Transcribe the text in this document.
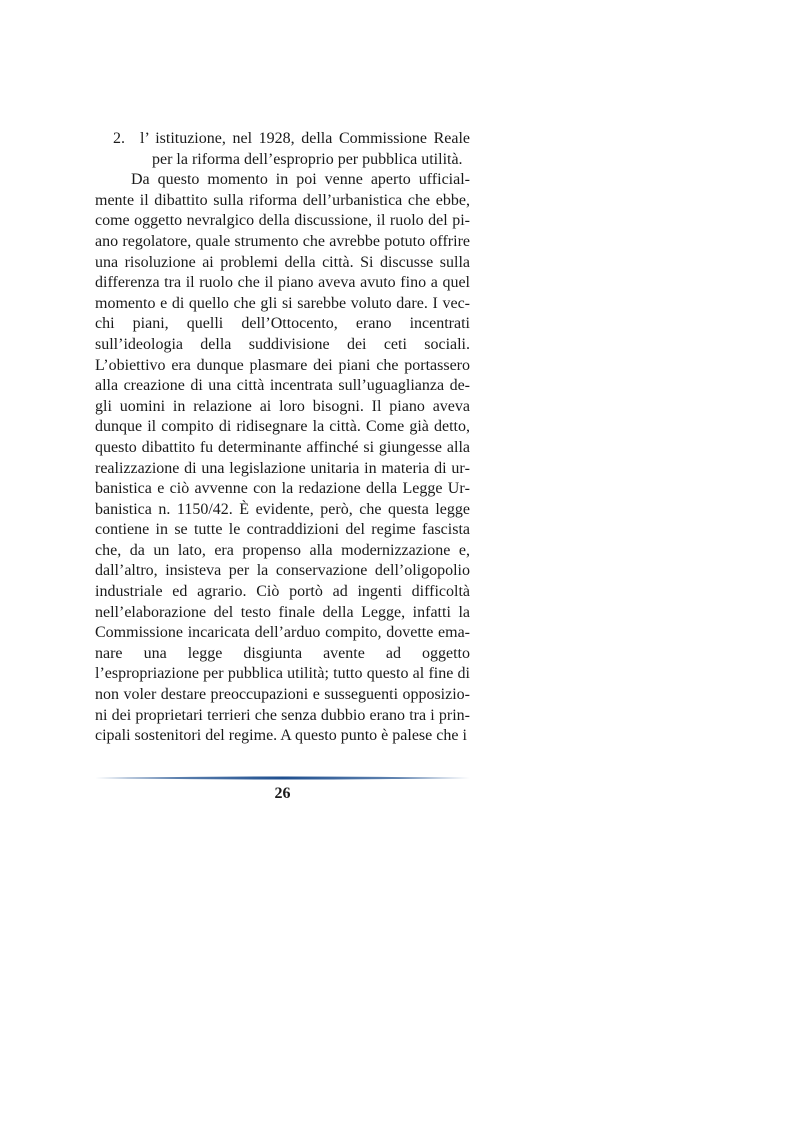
2. l’ istituzione, nel 1928, della Commissione Reale
per la riforma dell’esproprio per pubblica utilità.

Da questo momento in poi venne aperto ufficialmente il dibattito sulla riforma dell’urbanistica che ebbe, come oggetto nevralgico della discussione, il ruolo del piano regolatore, quale strumento che avrebbe potuto offrire una risoluzione ai problemi della città. Si discusse sulla differenza tra il ruolo che il piano aveva avuto fino a quel momento e di quello che gli si sarebbe voluto dare. I vecchi piani, quelli dell’Ottocento, erano incentrati sull’ideologia della suddivisione dei ceti sociali. L’obiettivo era dunque plasmare dei piani che portassero alla creazione di una città incentrata sull’uguaglianza degli uomini in relazione ai loro bisogni. Il piano aveva dunque il compito di ridisegnare la città. Come già detto, questo dibattito fu determinante affinché si giungesse alla realizzazione di una legislazione unitaria in materia di urbanistica e ciò avvenne con la redazione della Legge Urbanistica n. 1150/42. È evidente, però, che questa legge contiene in se tutte le contraddizioni del regime fascista che, da un lato, era propenso alla modernizzazione e, dall’altro, insisteva per la conservazione dell’oligopolio industriale ed agrario. Ciò portò ad ingenti difficoltà nell’elaborazione del testo finale della Legge, infatti la Commissione incaricata dell’arduo compito, dovette emanare una legge disgiunta avente ad oggetto l’espropriazione per pubblica utilità; tutto questo al fine di non voler destare preoccupazioni e susseguenti opposizioni dei proprietari terrieri che senza dubbio erano tra i principali sostenitori del regime. A questo punto è palese che i

26
